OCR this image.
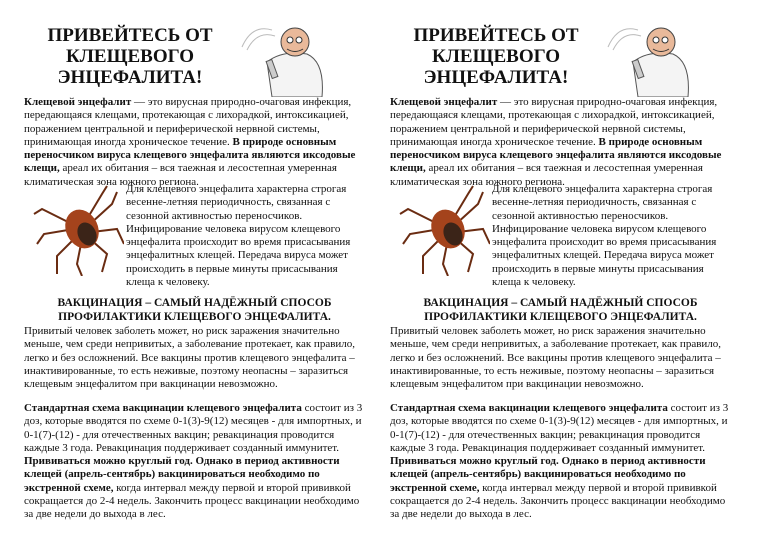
ПРИВЕЙТЕСЬ ОТ
КЛЕЩЕВОГО
ЭНЦЕФАЛИТА!
Клещевой энцефалит — это вирусная природно-очаговая инфекция, передающаяся клещами, протекающая с лихорадкой, интоксикацией, поражением центральной и периферической нервной системы, принимающая иногда хроническое течение. В природе основным переносчиком вируса клещевого энцефалита являются иксодовые клещи, ареал их обитания – вся таежная и лесостепная умеренная климатическая зона южного региона.
Для клещевого энцефалита характерна строгая весенне-летняя периодичность, связанная с сезонной активностью переносчиков. Инфицирование человека вирусом клещевого энцефалита происходит во время присасывания энцефалитных клещей. Передача вируса может происходить в первые минуты присасывания клеща к человеку.
ВАКЦИНАЦИЯ – САМЫЙ НАДЁЖНЫЙ СПОСОБ
ПРОФИЛАКТИКИ КЛЕЩЕВОГО ЭНЦЕФАЛИТА.
Привитый человек заболеть может, но риск заражения значительно меньше, чем среди непривитых, а заболевание протекает, как правило, легко и без осложнений. Все вакцины против клещевого энцефалита – инактивированные, то есть неживые, поэтому неопасны – заразиться клещевым энцефалитом при вакцинации невозможно.
Стандартная схема вакцинации клещевого энцефалита состоит из 3 доз, которые вводятся по схеме 0-1(3)-9(12) месяцев - для импортных, и 0-1(7)-(12) - для отечественных вакцин; ревакцинация проводится каждые 3 года. Ревакцинация поддерживает созданный иммунитет. Прививаться можно круглый год. Однако в период активности клещей (апрель-сентябрь) вакцинироваться необходимо по экстренной схеме, когда интервал между первой и второй прививкой сокращается до 2-4 недель. Закончить процесс вакцинации необходимо за две недели до выхода в лес.
ПРИВЕЙТЕСЬ ОТ
КЛЕЩЕВОГО
ЭНЦЕФАЛИТА!
Клещевой энцефалит — это вирусная природно-очаговая инфекция, передающаяся клещами, протекающая с лихорадкой, интоксикацией, поражением центральной и периферической нервной системы, принимающая иногда хроническое течение. В природе основным переносчиком вируса клещевого энцефалита являются иксодовые клещи, ареал их обитания – вся таежная и лесостепная умеренная климатическая зона южного региона.
Для клещевого энцефалита характерна строгая весенне-летняя периодичность, связанная с сезонной активностью переносчиков. Инфицирование человека вирусом клещевого энцефалита происходит во время присасывания энцефалитных клещей. Передача вируса может происходить в первые минуты присасывания клеща к человеку.
ВАКЦИНАЦИЯ – САМЫЙ НАДЁЖНЫЙ СПОСОБ
ПРОФИЛАКТИКИ КЛЕЩЕВОГО ЭНЦЕФАЛИТА.
Привитый человек заболеть может, но риск заражения значительно меньше, чем среди непривитых, а заболевание протекает, как правило, легко и без осложнений. Все вакцины против клещевого энцефалита – инактивированные, то есть неживые, поэтому неопасны – заразиться клещевым энцефалитом при вакцинации невозможно.
Стандартная схема вакцинации клещевого энцефалита состоит из 3 доз, которые вводятся по схеме 0-1(3)-9(12) месяцев - для импортных, и 0-1(7)-(12) - для отечественных вакцин; ревакцинация проводится каждые 3 года. Ревакцинация поддерживает созданный иммунитет. Прививаться можно круглый год. Однако в период активности клещей (апрель-сентябрь) вакцинироваться необходимо по экстренной схеме, когда интервал между первой и второй прививкой сокращается до 2-4 недель. Закончить процесс вакцинации необходимо за две недели до выхода в лес.
